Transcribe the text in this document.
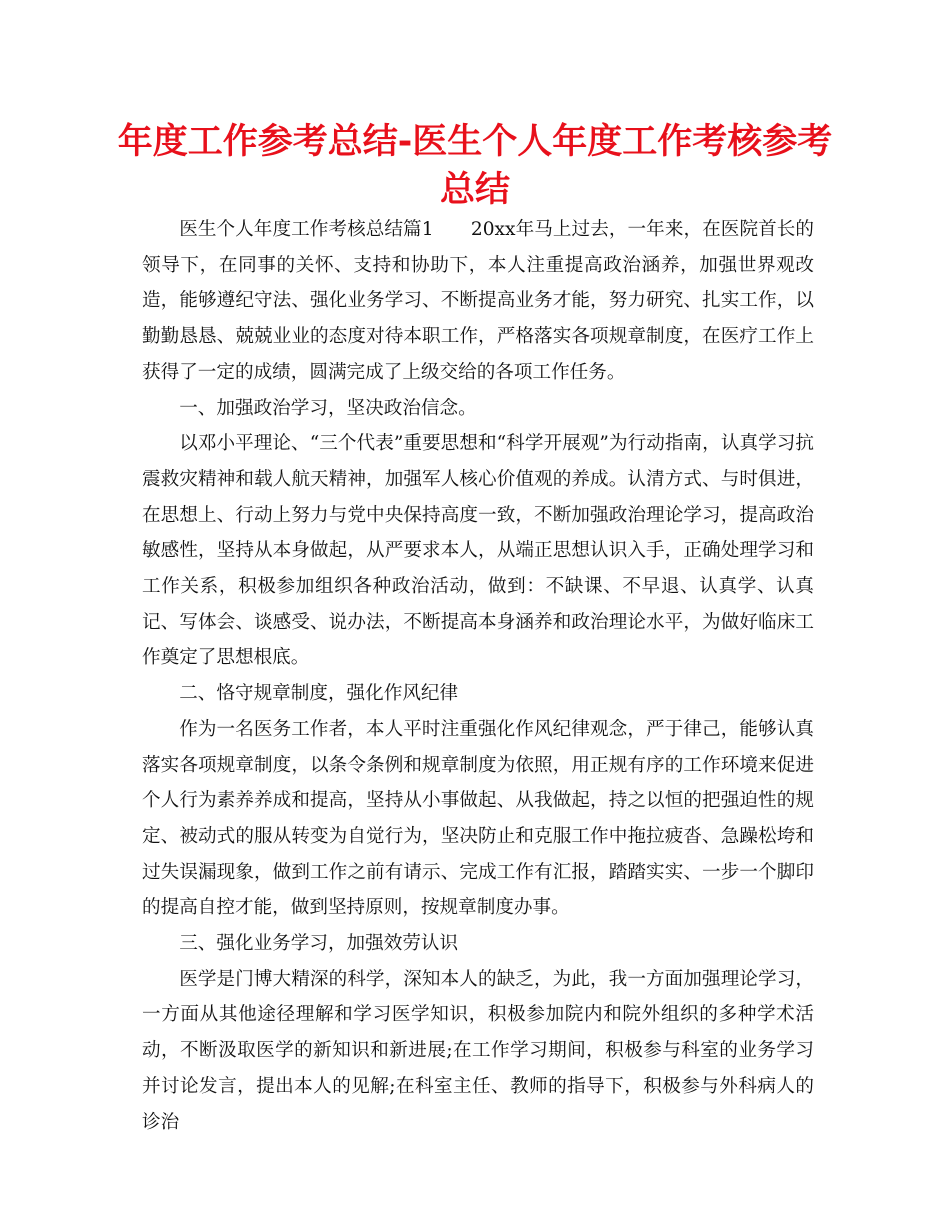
年度工作参考总结-医生个人年度工作考核参考总结

医生个人年度工作考核总结篇1　　20xx年马上过去，一年来，在医院首长的领导下，在同事的关怀、支持和协助下，本人注重提高政治涵养，加强世界观改造，能够遵纪守法、强化业务学习、不断提高业务才能，努力研究、扎实工作，以勤勤恳恳、兢兢业业的态度对待本职工作，严格落实各项规章制度，在医疗工作上获得了一定的成绩，圆满完成了上级交给的各项工作任务。

一、加强政治学习，坚决政治信念。

以邓小平理论、“三个代表”重要思想和“科学开展观”为行动指南，认真学习抗震救灾精神和载人航天精神，加强军人核心价值观的养成。认清方式、与时俱进，在思想上、行动上努力与党中央保持高度一致，不断加强政治理论学习，提高政治敏感性，坚持从本身做起，从严要求本人，从端正思想认识入手，正确处理学习和工作关系，积极参加组织各种政治活动，做到：不缺课、不早退、认真学、认真记、写体会、谈感受、说办法，不断提高本身涵养和政治理论水平，为做好临床工作奠定了思想根底。

二、恪守规章制度，强化作风纪律

作为一名医务工作者，本人平时注重强化作风纪律观念，严于律己，能够认真落实各项规章制度，以条令条例和规章制度为依照，用正规有序的工作环境来促进个人行为素养养成和提高，坚持从小事做起、从我做起，持之以恒的把强迫性的规定、被动式的服从转变为自觉行为，坚决防止和克服工作中拖拉疲沓、急躁松垮和过失误漏现象，做到工作之前有请示、完成工作有汇报，踏踏实实、一步一个脚印的提高自控才能，做到坚持原则，按规章制度办事。

三、强化业务学习，加强效劳认识

医学是门博大精深的科学，深知本人的缺乏，为此，我一方面加强理论学习，一方面从其他途径理解和学习医学知识，积极参加院内和院外组织的多种学术活动，不断汲取医学的新知识和新进展;在工作学习期间，积极参与科室的业务学习并讨论发言，提出本人的见解;在科室主任、教师的指导下，积极参与外科病人的诊治
